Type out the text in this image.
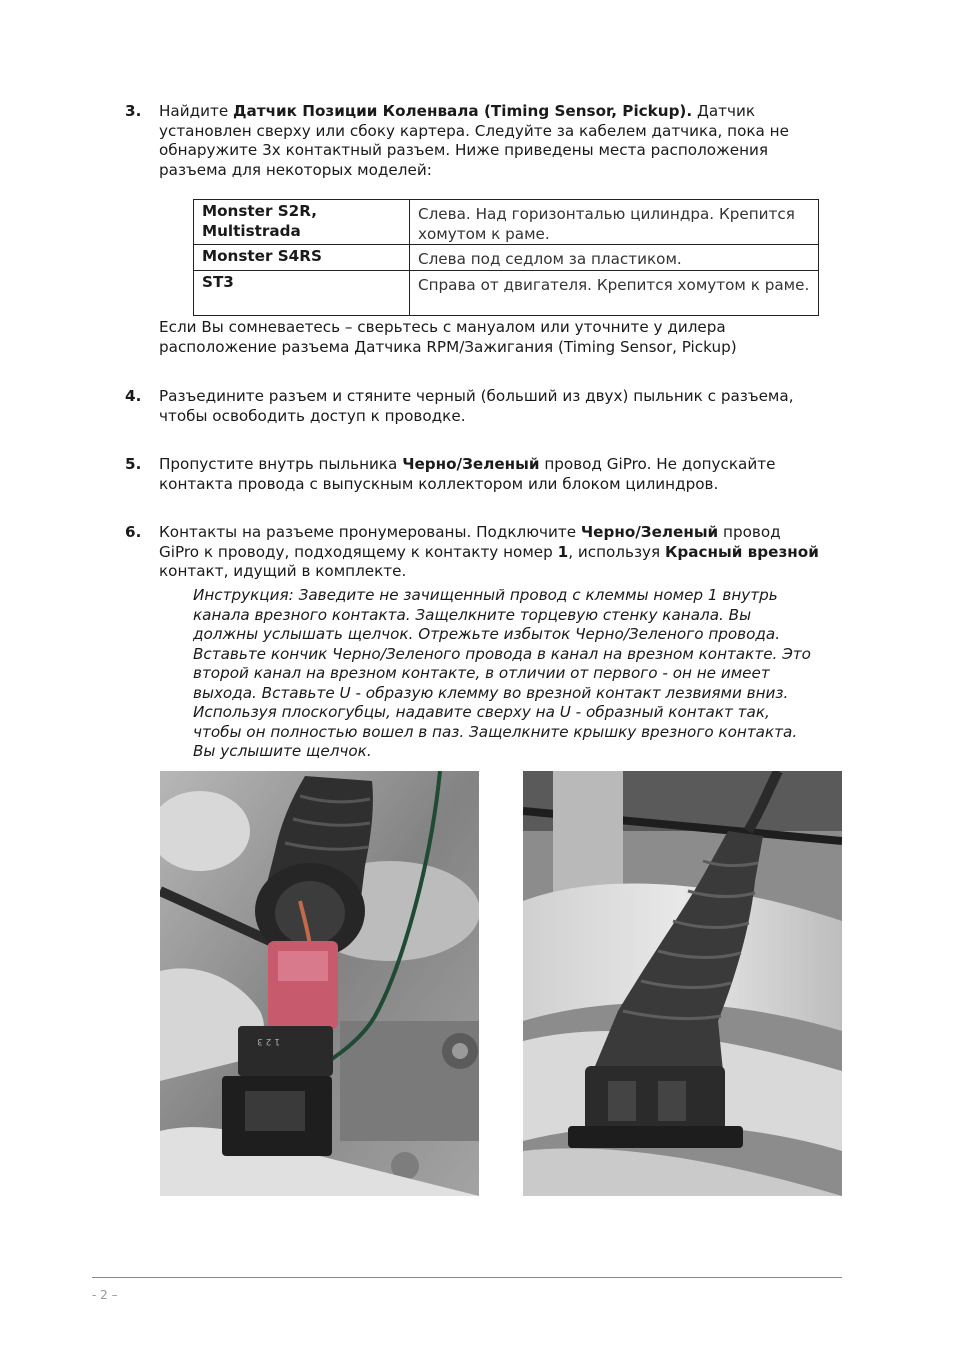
3. Найдите Датчик Позиции Коленвала (Timing Sensor, Pickup). Датчик установлен сверху или сбоку картера. Следуйте за кабелем датчика, пока не обнаружите 3х контактный разъем. Ниже приведены места расположения разъема для некоторых моделей:
Monster S2R, Multistrada	Слева. Над горизонталью цилиндра. Крепится хомутом к раме.
Monster S4RS	Слева под седлом за пластиком.
ST3	Справа от двигателя. Крепится хомутом к раме.
Если Вы сомневаетесь – сверьтесь с мануалом или уточните у дилера расположение разъема Датчика RPM/Зажигания (Timing Sensor, Pickup)
4. Разъедините разъем и стяните черный (больший из двух) пыльник с разъема, чтобы освободить доступ к проводке.
5. Пропустите внутрь пыльника Черно/Зеленый провод GiPro. Не допускайте контакта провода с выпускным коллектором или блоком цилиндров.
6. Контакты на разъеме пронумерованы. Подключите Черно/Зеленый провод GiPro к проводу, подходящему к контакту номер 1, используя Красный врезной контакт, идущий в комплекте.
Инструкция: Заведите не зачищенный провод с клеммы номер 1 внутрь канала врезного контакта. Защелкните торцевую стенку канала. Вы должны услышать щелчок. Отрежьте избыток Черно/Зеленого провода. Вставьте кончик Черно/Зеленого провода в канал на врезном контакте. Это второй канал на врезном контакте, в отличии от первого - он не имеет выхода. Вставьте U - образую клемму во врезной контакт лезвиями вниз. Используя плоскогубцы, надавите сверху на U - образный контакт так, чтобы он полностью вошел в паз. Защелкните крышку врезного контакта. Вы услышите щелчок.
1 2 3
- 2 –
